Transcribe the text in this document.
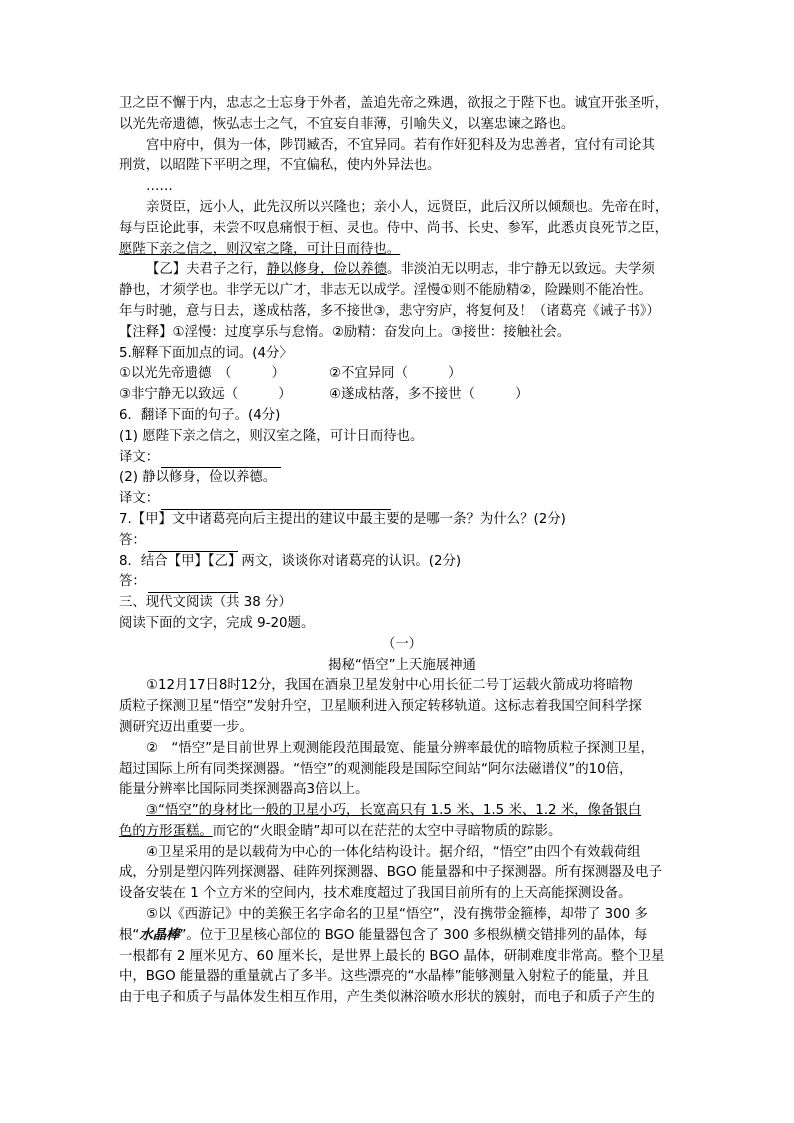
卫之臣不懈于内，忠志之士忘身于外者，盖追先帝之殊遇，欲报之于陛下也。诚宜开张圣听，
以光先帝遗德，恢弘志士之气，不宜妄自菲薄，引喻失义，以塞忠谏之路也。
宫中府中，俱为一体，陟罚臧否，不宜异同。若有作奸犯科及为忠善者，宜付有司论其
刑赏，以昭陛下平明之理，不宜偏私，使内外异法也。
……
亲贤臣，远小人，此先汉所以兴隆也；亲小人，远贤臣，此后汉所以倾颓也。先帝在时，
每与臣论此事，未尝不叹息痛恨于桓、灵也。侍中、尚书、长史、参军，此悉贞良死节之臣，
愿陛下亲之信之，则汉室之隆，可计日而待也。
【乙】夫君子之行，静以修身，俭以养德。非淡泊无以明志，非宁静无以致远。夫学须
静也，才须学也。非学无以广才，非志无以成学。淫慢①则不能励精②，险躁则不能冶性。
年与时驰，意与日去，遂成枯落，多不接世③，悲守穷庐，将复何及！（诸葛亮《诫子书》）
【注释】①淫慢：过度享乐与怠惰。②励精：奋发向上。③接世：接触社会。
5.解释下面加点的词。(4分〉
①以光先帝遗德　（　　　）	②不宜异同（　　　）
③非宁静无以致远（　　　）	④遂成枯落，多不接世（　　　）
6．翻译下面的句子。(4分)
(1) 愿陛下亲之信之，则汉室之隆，可计日而待也。
译文：
(2) 静以修身，俭以养德。
译文：
7.【甲】文中诸葛亮向后主提出的建议中最主要的是哪一条？为什么？(2分)
答：
8．结合【甲】【乙】两文，谈谈你对诸葛亮的认识。(2分)
答：
三、现代文阅读（共 38 分）
阅读下面的文字，完成 9-20题。
（一）
揭秘“悟空”上天施展神通
①12月17日8时12分，我国在酒泉卫星发射中心用长征二号丁运载火箭成功将暗物
质粒子探测卫星“悟空”发射升空，卫星顺利进入预定转移轨道。这标志着我国空间科学探
测研究迈出重要一步。
②　“悟空”是目前世界上观测能段范围最宽、能量分辨率最优的暗物质粒子探测卫星，
超过国际上所有同类探测器。“悟空”的观测能段是国际空间站“阿尔法磁谱仪”的10倍，
能量分辨率比国际同类探测器高3倍以上。
③“悟空”的身材比一般的卫星小巧，长宽高只有 1.5 米、1.5 米、1.2 米，像备银白
色的方形蛋糕。而它的“火眼金睛”却可以在茫茫的太空中寻暗物质的踪影。
④卫星采用的是以载荷为中心的一体化结构设计。据介绍，“悟空”由四个有效载荷组
成，分别是塑闪阵列探测器、硅阵列探测器、BGO 能量器和中子探测器。所有探测器及电子
设备安装在 1 个立方米的空间内，技术难度超过了我国目前所有的上天高能探测设备。
⑤以《西游记》中的美猴王名字命名的卫星“悟空”，没有携带金箍棒，却带了 300 多
根“水晶棒”。位于卫星核心部位的 BGO 能量器包含了 300 多根纵横交错排列的晶体，每
一根都有 2 厘米见方、60 厘米长，是世界上最长的 BGO 晶体，研制难度非常高。整个卫星
中，BGO 能量器的重量就占了多半。这些漂亮的“水晶棒”能够测量入射粒子的能量，并且
由于电子和质子与晶体发生相互作用，产生类似淋浴喷水形状的簇射，而电子和质子产生的
